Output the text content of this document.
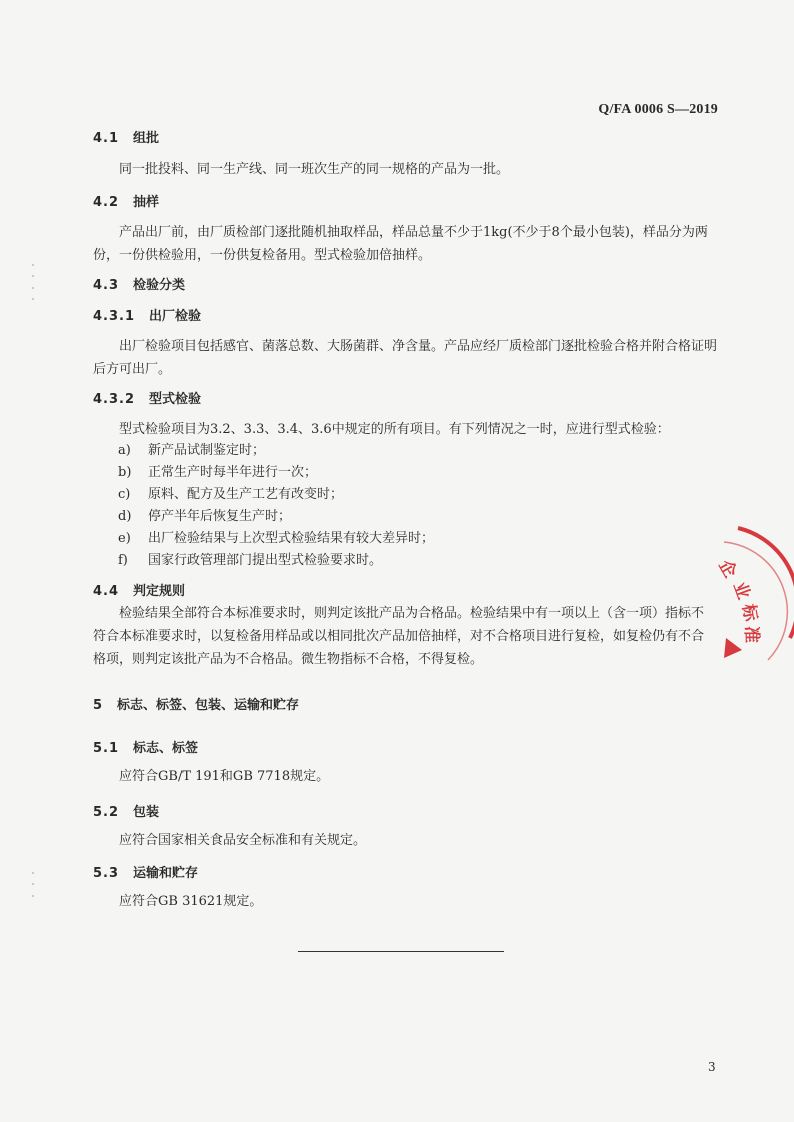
Q/FA 0006 S—2019
4.1 组批

同一批投料、同一生产线、同一班次生产的同一规格的产品为一批。

4.2 抽样

产品出厂前，由厂质检部门逐批随机抽取样品，样品总量不少于1kg(不少于8个最小包装)，样品分为两份，一份供检验用，一份供复检备用。型式检验加倍抽样。

4.3 检验分类
4.3.1 出厂检验

出厂检验项目包括感官、菌落总数、大肠菌群、净含量。产品应经厂质检部门逐批检验合格并附合格证明后方可出厂。

4.3.2 型式检验

型式检验项目为3.2、3.3、3.4、3.6中规定的所有项目。有下列情况之一时，应进行型式检验：

a) 新产品试制鉴定时；
b) 正常生产时每半年进行一次；
c) 原料、配方及生产工艺有改变时；
d) 停产半年后恢复生产时；
e) 出厂检验结果与上次型式检验结果有较大差异时；
f) 国家行政管理部门提出型式检验要求时。
4.4 判定规则

检验结果全部符合本标准要求时，则判定该批产品为合格品。检验结果中有一项以上（含一项）指标不符合本标准要求时，以复检备用样品或以相同批次产品加倍抽样，对不合格项目进行复检，如复检仍有不合格项，则判定该批产品为不合格品。微生物指标不合格，不得复检。

5 标志、标签、包装、运输和贮存
5.1 标志、标签

应符合GB/T 191和GB 7718规定。

5.2 包装

应符合国家相关食品安全标准和有关规定。

5.3 运输和贮存

应符合GB 31621规定。

3
企
业
标
准
